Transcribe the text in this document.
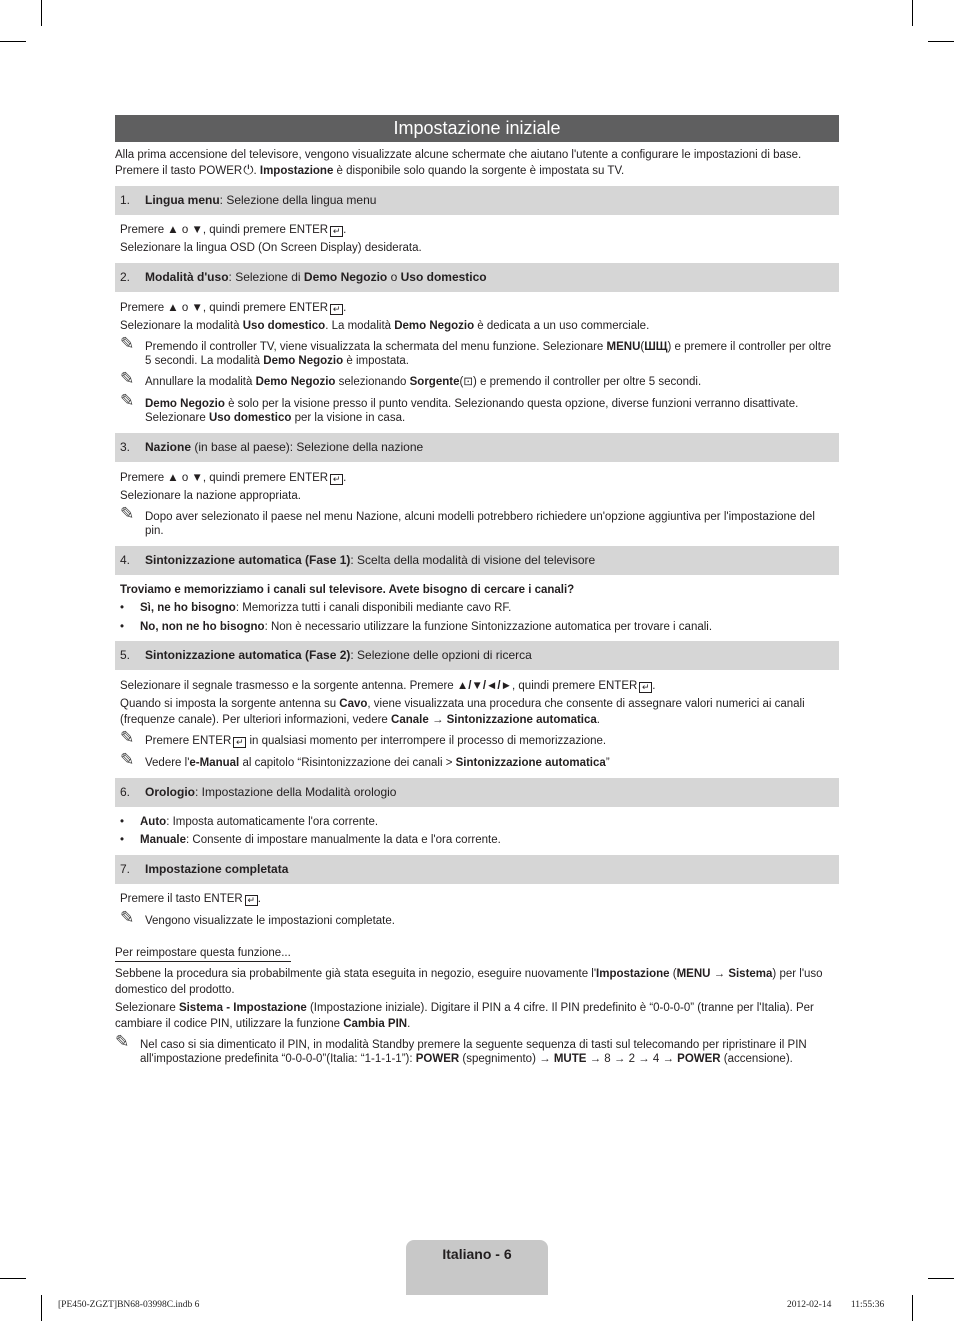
Impostazione iniziale
Alla prima accensione del televisore, vengono visualizzate alcune schermate che aiutano l'utente a configurare le impostazioni di base.
Premere il tasto POWER⏻. Impostazione è disponibile solo quando la sorgente è impostata su TV.
1. Lingua menu: Selezione della lingua menu
Premere ▲ o ▼, quindi premere ENTER ↵ .
Selezionare la lingua OSD (On Screen Display) desiderata.
2. Modalità d'uso: Selezione di Demo Negozio o Uso domestico
Premere ▲ o ▼, quindi premere ENTER ↵ .
Selezionare la modalità Uso domestico. La modalità Demo Negozio è dedicata a un uso commerciale.
✎ Premendo il controller TV, viene visualizzata la schermata del menu funzione. Selezionare MENU(ШЩ) e premere il controller per oltre 5 secondi. La modalità Demo Negozio è impostata.
✎ Annullare la modalità Demo Negozio selezionando Sorgente(⊡) e premendo il controller per oltre 5 secondi.
✎ Demo Negozio è solo per la visione presso il punto vendita. Selezionando questa opzione, diverse funzioni verranno disattivate. Selezionare Uso domestico per la visione in casa.
3. Nazione (in base al paese): Selezione della nazione
Premere ▲ o ▼, quindi premere ENTER ↵ .
Selezionare la nazione appropriata.
✎ Dopo aver selezionato il paese nel menu Nazione, alcuni modelli potrebbero richiedere un'opzione aggiuntiva per l'impostazione del pin.
4. Sintonizzazione automatica (Fase 1): Scelta della modalità di visione del televisore
Troviamo e memorizziamo i canali sul televisore. Avete bisogno di cercare i canali?
• Sì, ne ho bisogno: Memorizza tutti i canali disponibili mediante cavo RF.
• No, non ne ho bisogno: Non è necessario utilizzare la funzione Sintonizzazione automatica per trovare i canali.
5. Sintonizzazione automatica (Fase 2): Selezione delle opzioni di ricerca
Selezionare il segnale trasmesso e la sorgente antenna. Premere ▲/▼/◄/►, quindi premere ENTER ↵ .
Quando si imposta la sorgente antenna su Cavo, viene visualizzata una procedura che consente di assegnare valori numerici ai canali (frequenze canale). Per ulteriori informazioni, vedere Canale → Sintonizzazione automatica.
✎ Premere ENTER ↵ in qualsiasi momento per interrompere il processo di memorizzazione.
✎ Vedere l'e-Manual al capitolo “Risintonizzazione dei canali > Sintonizzazione automatica”
6. Orologio: Impostazione della Modalità orologio
• Auto: Imposta automaticamente l'ora corrente.
• Manuale: Consente di impostare manualmente la data e l'ora corrente.
7. Impostazione completata
Premere il tasto ENTER ↵ .
✎ Vengono visualizzate le impostazioni completate.
Per reimpostare questa funzione...
Sebbene la procedura sia probabilmente già stata eseguita in negozio, eseguire nuovamente l'Impostazione (MENU → Sistema) per l'uso domestico del prodotto.
Selezionare Sistema - Impostazione (Impostazione iniziale). Digitare il PIN a 4 cifre. Il PIN predefinito è “0-0-0-0” (tranne per l'Italia). Per cambiare il codice PIN, utilizzare la funzione Cambia PIN.
✎ Nel caso si sia dimenticato il PIN, in modalità Standby premere la seguente sequenza di tasti sul telecomando per ripristinare il PIN all'impostazione predefinita “0-0-0-0”(Italia: “1-1-1-1”): POWER (spegnimento) → MUTE → 8 → 2 → 4 → POWER (accensione).
Italiano - 6
[PE450-ZGZT]BN68-03998C.indb 6	2012-02-14 ￿￿ 11:55:36
